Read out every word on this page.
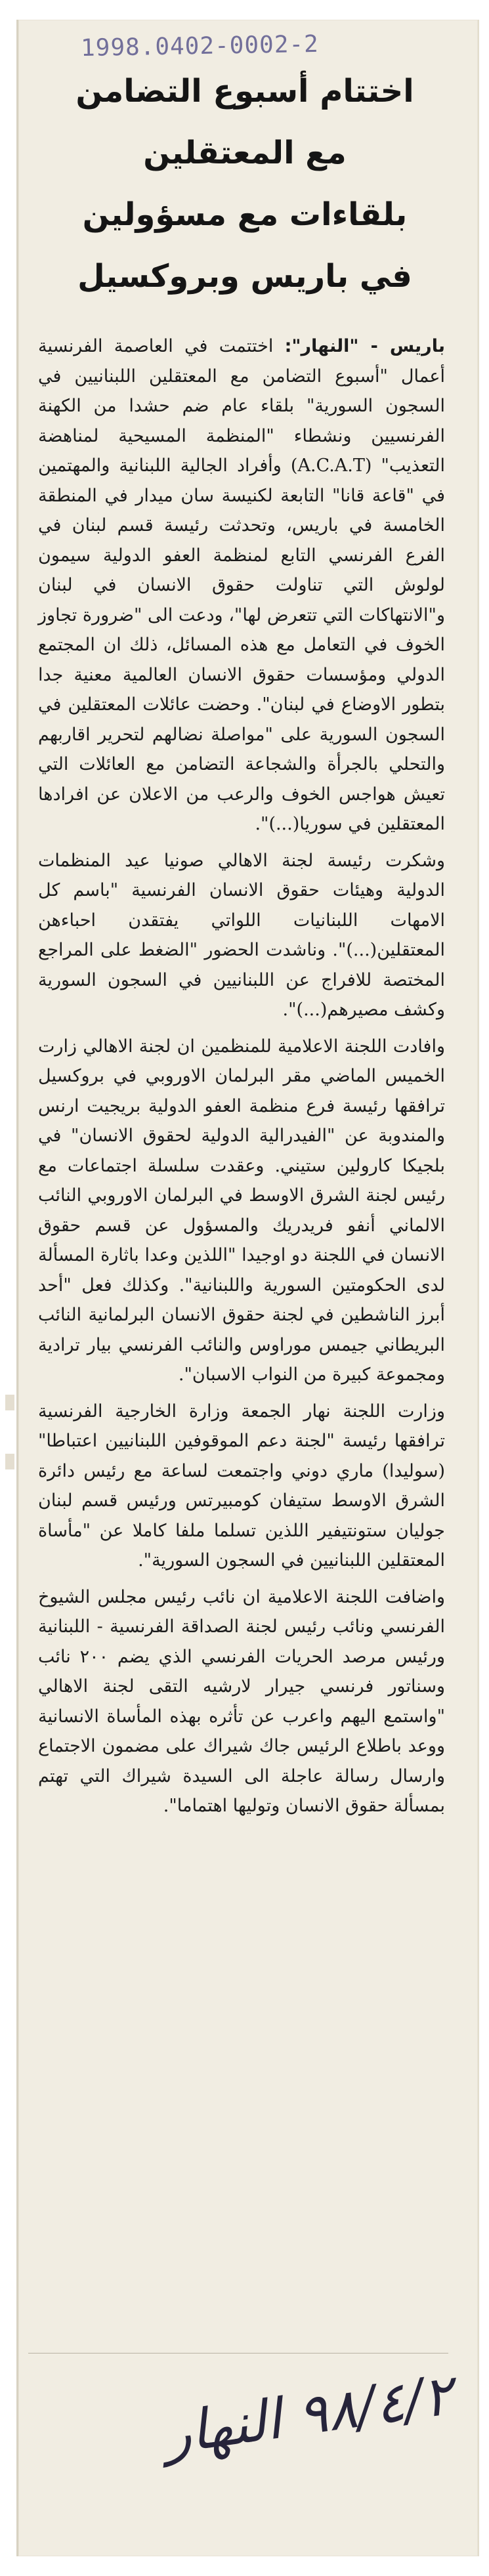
1998.0402-0002-2
اختتام أسبوع التضامن
مع المعتقلين
بلقاءات مع مسؤولين
في باريس وبروكسيل

باريس - "النهار": اختتمت في العاصمة الفرنسية أعمال "أسبوع التضامن مع المعتقلين اللبنانيين في السجون السورية" بلقاء عام ضم حشدا من الكهنة الفرنسيين ونشطاء "المنظمة المسيحية لمناهضة التعذيب" (A.C.A.T) وأفراد الجالية اللبنانية والمهتمين في "قاعة قانا" التابعة لكنيسة سان ميدار في المنطقة الخامسة في باريس، وتحدثت رئيسة قسم لبنان في الفرع الفرنسي التابع لمنظمة العفو الدولية سيمون لولوش التي تناولت حقوق الانسان في لبنان و"الانتهاكات التي تتعرض لها"، ودعت الى "ضرورة تجاوز الخوف في التعامل مع هذه المسائل، ذلك ان المجتمع الدولي ومؤسسات حقوق الانسان العالمية معنية جدا بتطور الاوضاع في لبنان". وحضت عائلات المعتقلين في السجون السورية على "مواصلة نضالهم لتحرير اقاربهم والتحلي بالجرأة والشجاعة التضامن مع العائلات التي تعيش هواجس الخوف والرعب من الاعلان عن افرادها المعتقلين في سوريا(...)".

وشكرت رئيسة لجنة الاهالي صونيا عيد المنظمات الدولية وهيئات حقوق الانسان الفرنسية "باسم كل الامهات اللبنانيات اللواتي يفتقدن احباءهن المعتقلين(...)". وناشدت الحضور "الضغط على المراجع المختصة للافراج عن اللبنانيين في السجون السورية وكشف مصيرهم(...)".

وافادت اللجنة الاعلامية للمنظمين ان لجنة الاهالي زارت الخميس الماضي مقر البرلمان الاوروبي في بروكسيل ترافقها رئيسة فرع منظمة العفو الدولية بريجيت ارنس والمندوبة عن "الفيدرالية الدولية لحقوق الانسان" في بلجيكا كارولين ستيني. وعقدت سلسلة اجتماعات مع رئيس لجنة الشرق الاوسط في البرلمان الاوروبي النائب الالماني أنفو فريدريك والمسؤول عن قسم حقوق الانسان في اللجنة دو اوجيدا "اللذين وعدا باثارة المسألة لدى الحكومتين السورية واللبنانية". وكذلك فعل "أحد أبرز الناشطين في لجنة حقوق الانسان البرلمانية النائب البريطاني جيمس موراوس والنائب الفرنسي بيار ترادية ومجموعة كبيرة من النواب الاسبان".

وزارت اللجنة نهار الجمعة وزارة الخارجية الفرنسية ترافقها رئيسة "لجنة دعم الموقوفين اللبنانيين اعتباطا" (سوليدا) ماري دوني واجتمعت لساعة مع رئيس دائرة الشرق الاوسط ستيفان كومبيرتس ورئيس قسم لبنان جوليان ستونتيفير اللذين تسلما ملفا كاملا عن "مأساة المعتقلين اللبنانيين في السجون السورية".

واضافت اللجنة الاعلامية ان نائب رئيس مجلس الشيوخ الفرنسي ونائب رئيس لجنة الصداقة الفرنسية - اللبنانية ورئيس مرصد الحريات الفرنسي الذي يضم ٢٠٠ نائب وسناتور فرنسي جيرار لارشيه التقى لجنة الاهالي "واستمع اليهم واعرب عن تأثره بهذه المأساة الانسانية ووعد باطلاع الرئيس جاك شيراك على مضمون الاجتماع وارسال رسالة عاجلة الى السيدة شيراك التي تهتم بمسألة حقوق الانسان وتوليها اهتماما".

٩٨/٤/٢ النهار
